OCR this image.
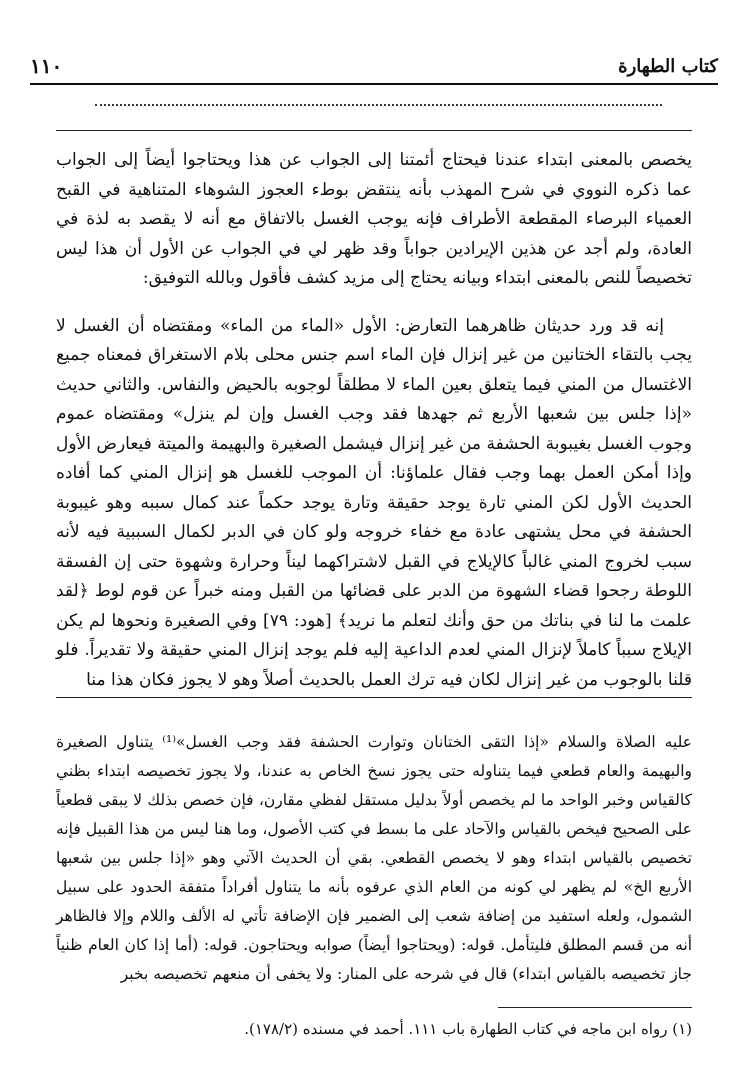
كتاب الطهارة
١١٠

يخصص بالمعنى ابتداء عندنا فيحتاج أئمتنا إلى الجواب عن هذا ويحتاجوا أيضاً إلى الجواب عما ذكره النووي في شرح المهذب بأنه ينتقض بوطء العجوز الشوهاء المتناهية في القبح العمياء البرصاء المقطعة الأطراف فإنه يوجب الغسل بالاتفاق مع أنه لا يقصد به لذة في العادة، ولم أجد عن هذين الإيرادين جواباً وقد ظهر لي في الجواب عن الأول أن هذا ليس تخصيصاً للنص بالمعنى ابتداء وبيانه يحتاج إلى مزيد كشف فأقول وبالله التوفيق:

إنه قد ورد حديثان ظاهرهما التعارض: الأول «الماء من الماء» ومقتضاه أن الغسل لا يجب بالتقاء الختانين من غير إنزال فإن الماء اسم جنس محلى بلام الاستغراق فمعناه جميع الاغتسال من المني فيما يتعلق بعين الماء لا مطلقاً لوجوبه بالحيض والنفاس. والثاني حديث «إذا جلس بين شعبها الأربع ثم جهدها فقد وجب الغسل وإن لم ينزل» ومقتضاه عموم وجوب الغسل بغيبوبة الحشفة من غير إنزال فيشمل الصغيرة والبهيمة والميتة فيعارض الأول وإذا أمكن العمل بهما وجب فقال علماؤنا: أن الموجب للغسل هو إنزال المني كما أفاده الحديث الأول لكن المني تارة يوجد حقيقة وتارة يوجد حكماً عند كمال سببه وهو غيبوبة الحشفة في محل يشتهى عادة مع خفاء خروجه ولو كان في الدبر لكمال السببية فيه لأنه سبب لخروج المني غالباً كالإيلاج في القبل لاشتراكهما ليناً وحرارة وشهوة حتى إن الفسقة اللوطة رجحوا قضاء الشهوة من الدبر على قضائها من القبل ومنه خبراً عن قوم لوط ﴿لقد علمت ما لنا في بناتك من حق وأنك لتعلم ما نريد﴾ [هود: ٧٩] وفي الصغيرة ونحوها لم يكن الإيلاج سبباً كاملاً لإنزال المني لعدم الداعية إليه فلم يوجد إنزال المني حقيقة ولا تقديراً. فلو قلنا بالوجوب من غير إنزال لكان فيه ترك العمل بالحديث أصلاً وهو لا يجوز فكان هذا منا

عليه الصلاة والسلام «إذا التقى الختانان وتوارت الحشفة فقد وجب الغسل»⁽¹⁾ يتناول الصغيرة والبهيمة والعام قطعي فيما يتناوله حتى يجوز نسخ الخاص به عندنا، ولا يجوز تخصيصه ابتداء بظني كالقياس وخبر الواحد ما لم يخصص أولاً بدليل مستقل لفظي مقارن، فإن خصص بذلك لا يبقى قطعياً على الصحيح فيخص بالقياس والآحاد على ما بسط في كتب الأصول، وما هنا ليس من هذا القبيل فإنه تخصيص بالقياس ابتداء وهو لا يخصص القطعي. بقي أن الحديث الآتي وهو «إذا جلس بين شعبها الأربع الخ» لم يظهر لي كونه من العام الذي عرفوه بأنه ما يتناول أفراداً متفقة الحدود على سبيل الشمول، ولعله استفيد من إضافة شعب إلى الضمير فإن الإضافة تأتي له الألف واللام وإلا فالظاهر أنه من قسم المطلق فليتأمل. قوله: (ويحتاجوا أيضاً) صوابه ويحتاجون. قوله: (أما إذا كان العام ظنياً جاز تخصيصه بالقياس ابتداء) قال في شرحه على المنار: ولا يخفى أن منعهم تخصيصه بخبر

(١) رواه ابن ماجه في كتاب الطهارة باب ١١١. أحمد في مسنده (١٧٨/٢).
